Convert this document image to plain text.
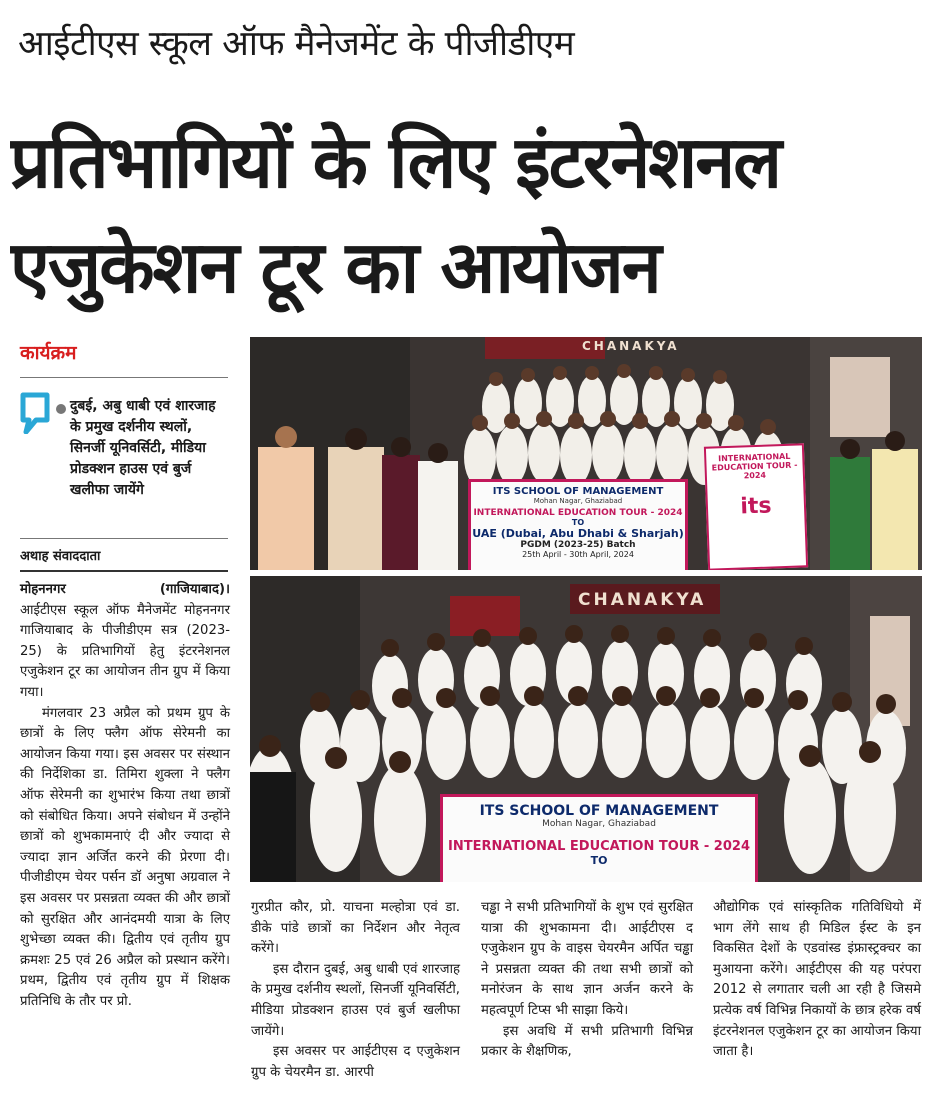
आईटीएस स्कूल ऑफ मैनेजमेंट के पीजीडीएम
प्रतिभागियों के लिए इंटरनेशनल
एजुकेशन टूर का आयोजन
कार्यक्रम
दुबई, अबु धाबी एवं शारजाह के प्रमुख दर्शनीय स्थलों, सिनर्जी यूनिवर्सिटी, मीडिया प्रोडक्शन हाउस एवं बुर्ज खलीफा जायेंगे
अथाह संवाददाता

मोहननगर (गाजियाबाद)।

आईटीएस स्कूल ऑफ मैनेजमेंट मोहननगर गाजियाबाद के पीजीडीएम सत्र (2023-25) के प्रतिभागियों हेतु इंटरनेशनल एजुकेशन टूर का आयोजन तीन ग्रुप में किया गया।

मंगलवार 23 अप्रैल को प्रथम ग्रुप के छात्रों के लिए फ्लैग ऑफ सेरेमनी का आयोजन किया गया। इस अवसर पर संस्थान की निर्देशिका डा. तिमिरा शुक्ला ने फ्लैग ऑफ सेरेमनी का शुभारंभ किया तथा छात्रों को संबोधित किया। अपने संबोधन में उन्होंने छात्रों को शुभकामनाएं दी और ज्यादा से ज्यादा ज्ञान अर्जित करने की प्रेरणा दी। पीजीडीएम चेयर पर्सन डॉ अनुषा अग्रवाल ने इस अवसर पर प्रसन्नता व्यक्त की और छात्रों को सुरक्षित और आनंदमयी यात्रा के लिए शुभेच्छा व्यक्त की। द्वितीय एवं तृतीय ग्रुप क्रमशः 25 एवं 26 अप्रैल को प्रस्थान करेंगे।प्रथम, द्वितीय एवं तृतीय ग्रुप में शिक्षक प्रतिनिधि के तौर पर प्रो.

CHANAKYA
INTERNATIONAL EDUCATION TOUR - 2024
its
ITS SCHOOL OF MANAGEMENT
Mohan Nagar, Ghaziabad
INTERNATIONAL EDUCATION TOUR - 2024
TO
UAE (Dubai, Abu Dhabi & Sharjah)
PGDM (2023-25) Batch
25th April - 30th April, 2024
CHANAKYA
ITS SCHOOL OF MANAGEMENT
Mohan Nagar, Ghaziabad
INTERNATIONAL EDUCATION TOUR - 2024
TO

गुरप्रीत कौर, प्रो. याचना मल्होत्रा एवं डा. डीके पांडे छात्रों का निर्देशन और नेतृत्व करेंगे।

इस दौरान दुबई, अबु धाबी एवं शारजाह के प्रमुख दर्शनीय स्थलों, सिनर्जी यूनिवर्सिटी, मीडिया प्रोडक्शन हाउस एवं बुर्ज खलीफा जायेंगे।

इस अवसर पर आईटीएस द एजुकेशन ग्रुप के चेयरमैन डा. आरपी

चड्ढा ने सभी प्रतिभागियों के शुभ एवं सुरक्षित यात्रा की शुभकामना दी। आईटीएस द एजुकेशन ग्रुप के वाइस चेयरमैन अर्पित चड्ढा ने प्रसन्नता व्यक्त की तथा सभी छात्रों को मनोरंजन के साथ ज्ञान अर्जन करने के महत्वपूर्ण टिप्स भी साझा किये।

इस अवधि में सभी प्रतिभागी विभिन्न प्रकार के शैक्षणिक,

औद्योगिक एवं सांस्कृतिक गतिविधियो में भाग लेंगे साथ ही मिडिल ईस्ट के इन विकसित देशों के एडवांस्ड इंफ्रास्ट्रक्चर का मुआयना करेंगे। आईटीएस की यह परंपरा 2012 से लगातार चली आ रही है जिसमे प्रत्येक वर्ष विभिन्न निकायों के छात्र हरेक वर्ष इंटरनेशनल एजुकेशन टूर का आयोजन किया जाता है।
